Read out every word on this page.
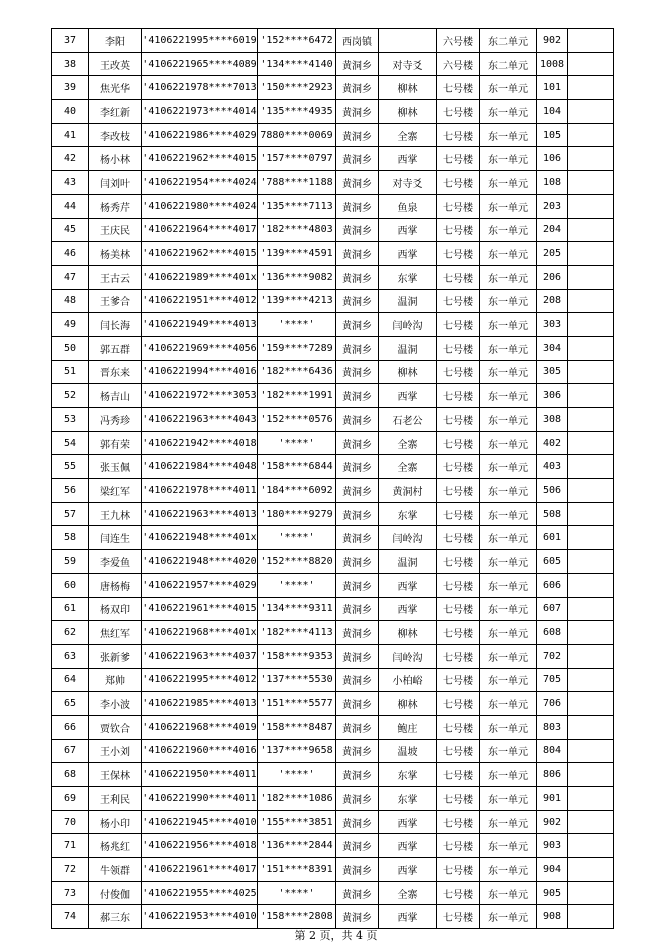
37	李阳	'4106221995****6019	'152****6472	西岗镇		六号楼	东二单元	902	
38	王改英	'4106221965****4089	'134****4140	黄洞乡	对寺爻	六号楼	东二单元	1008	
39	焦光华	'4106221978****7013	'150****2923	黄洞乡	柳林	七号楼	东一单元	101	
40	李红新	'4106221973****4014	'135****4935	黄洞乡	柳林	七号楼	东一单元	104	
41	李改枝	'4106221986****4029	7880****0069	黄洞乡	全寨	七号楼	东一单元	105	
42	杨小林	'4106221962****4015	'157****0797	黄洞乡	西掌	七号楼	东一单元	106	
43	闫刘叶	'4106221954****4024	'788****1188	黄洞乡	对寺爻	七号楼	东一单元	108	
44	杨秀芹	'4106221980****4024	'135****7113	黄洞乡	鱼泉	七号楼	东一单元	203	
45	王庆民	'4106221964****4017	'182****4803	黄洞乡	西掌	七号楼	东一单元	204	
46	杨美林	'4106221962****4015	'139****4591	黄洞乡	西掌	七号楼	东一单元	205	
47	王古云	'4106221989****401x	'136****9082	黄洞乡	东掌	七号楼	东一单元	206	
48	王爹合	'4106221951****4012	'139****4213	黄洞乡	温洞	七号楼	东一单元	208	
49	闫长海	'4106221949****4013	'****'	黄洞乡	闫岭沟	七号楼	东一单元	303	
50	郭五群	'4106221969****4056	'159****7289	黄洞乡	温洞	七号楼	东一单元	304	
51	晋东来	'4106221994****4016	'182****6436	黄洞乡	柳林	七号楼	东一单元	305	
52	杨吉山	'4106221972****3053	'182****1991	黄洞乡	西掌	七号楼	东一单元	306	
53	冯秀珍	'4106221963****4043	'152****0576	黄洞乡	石老公	七号楼	东一单元	308	
54	郭有荣	'4106221942****4018	'****'	黄洞乡	全寨	七号楼	东一单元	402	
55	张玉佩	'4106221984****4048	'158****6844	黄洞乡	全寨	七号楼	东一单元	403	
56	梁红军	'4106221978****4011	'184****6092	黄洞乡	黄洞村	七号楼	东一单元	506	
57	王九林	'4106221963****4013	'180****9279	黄洞乡	东掌	七号楼	东一单元	508	
58	闫连生	'4106221948****401x	'****'	黄洞乡	闫岭沟	七号楼	东一单元	601	
59	李爱鱼	'4106221948****4020	'152****8820	黄洞乡	温洞	七号楼	东一单元	605	
60	唐杨梅	'4106221957****4029	'****'	黄洞乡	西掌	七号楼	东一单元	606	
61	杨双印	'4106221961****4015	'134****9311	黄洞乡	西掌	七号楼	东一单元	607	
62	焦红军	'4106221968****401x	'182****4113	黄洞乡	柳林	七号楼	东一单元	608	
63	张新爹	'4106221963****4037	'158****9353	黄洞乡	闫岭沟	七号楼	东一单元	702	
64	郑帅	'4106221995****4012	'137****5530	黄洞乡	小柏峪	七号楼	东一单元	705	
65	李小波	'4106221985****4013	'151****5577	黄洞乡	柳林	七号楼	东一单元	706	
66	贾钦合	'4106221968****4019	'158****8487	黄洞乡	鲍庄	七号楼	东一单元	803	
67	王小刘	'4106221960****4016	'137****9658	黄洞乡	温坡	七号楼	东一单元	804	
68	王保林	'4106221950****4011	'****'	黄洞乡	东掌	七号楼	东一单元	806	
69	王利民	'4106221990****4011	'182****1086	黄洞乡	东掌	七号楼	东一单元	901	
70	杨小印	'4106221945****4010	'155****3851	黄洞乡	西掌	七号楼	东一单元	902	
71	杨兆红	'4106221956****4018	'136****2844	黄洞乡	西掌	七号楼	东一单元	903	
72	牛领群	'4106221961****4017	'151****8391	黄洞乡	西掌	七号楼	东一单元	904	
73	付俊伽	'4106221955****4025	'****'	黄洞乡	全寨	七号楼	东一单元	905	
74	郝三东	'4106221953****4010	'158****2808	黄洞乡	西掌	七号楼	东一单元	908	
第 2 页，共 4 页
